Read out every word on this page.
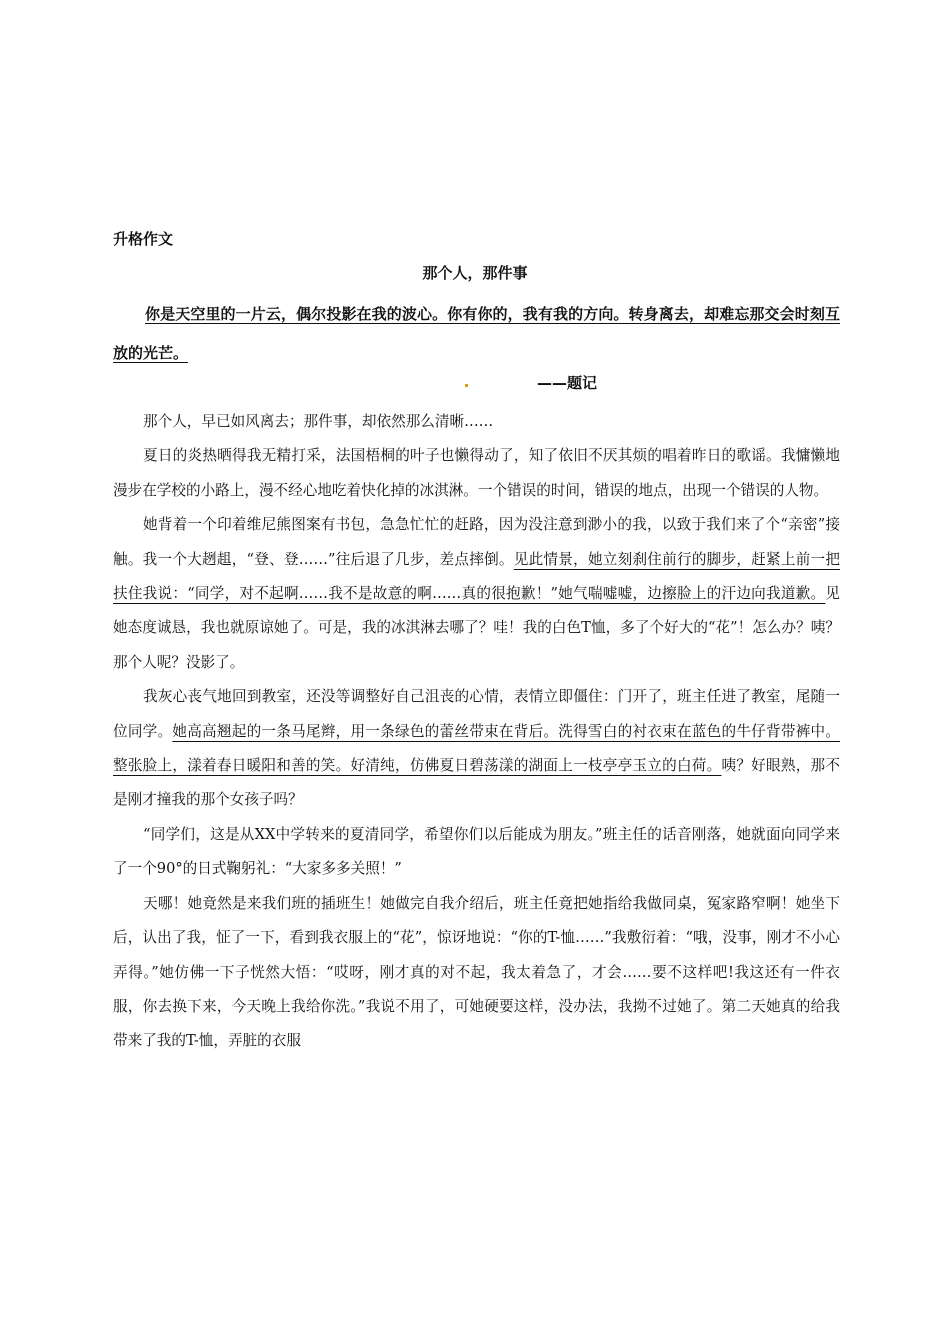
升格作文
那个人，那件事
你是天空里的一片云，偶尔投影在我的波心。你有你的，我有我的方向。转身离去，却难忘那交会时刻互放的光芒。
——题记

那个人，早已如风离去；那件事，却依然那么清晰……

夏日的炎热晒得我无精打采，法国梧桐的叶子也懒得动了，知了依旧不厌其烦的唱着昨日的歌谣。我慵懒地漫步在学校的小路上，漫不经心地吃着快化掉的冰淇淋。一个错误的时间，错误的地点，出现一个错误的人物。

她背着一个印着维尼熊图案有书包，急急忙忙的赶路，因为没注意到渺小的我，以致于我们来了个“亲密”接触。我一个大趔趄，“登、登……”往后退了几步，差点摔倒。见此情景，她立刻刹住前行的脚步，赶紧上前一把扶住我说：“同学，对不起啊……我不是故意的啊……真的很抱歉！”她气喘嘘嘘，边擦脸上的汗边向我道歉。见她态度诚恳，我也就原谅她了。可是，我的冰淇淋去哪了？哇！我的白色T恤，多了个好大的“花”！怎么办？咦？那个人呢？没影了。

我灰心丧气地回到教室，还没等调整好自己沮丧的心情，表情立即僵住：门开了，班主任进了教室，尾随一位同学。她高高翘起的一条马尾辫，用一条绿色的蕾丝带束在背后。洗得雪白的衬衣束在蓝色的牛仔背带裤中。整张脸上，漾着春日暖阳和善的笑。好清纯，仿佛夏日碧荡漾的湖面上一枝亭亭玉立的白荷。咦？好眼熟，那不是刚才撞我的那个女孩子吗？

“同学们，这是从XX中学转来的夏清同学，希望你们以后能成为朋友。”班主任的话音刚落，她就面向同学来了一个90°的日式鞠躬礼：“大家多多关照！”

天哪！她竟然是来我们班的插班生！她做完自我介绍后，班主任竟把她指给我做同桌，冤家路窄啊！她坐下后，认出了我，怔了一下，看到我衣服上的“花”，惊讶地说：“你的T-恤……”我敷衍着：“哦，没事，刚才不小心弄得。”她仿佛一下子恍然大悟：“哎呀，刚才真的对不起，我太着急了，才会……要不这样吧!我这还有一件衣服，你去换下来，今天晚上我给你洗。”我说不用了，可她硬要这样，没办法，我拗不过她了。第二天她真的给我带来了我的T-恤，弄脏的衣服
